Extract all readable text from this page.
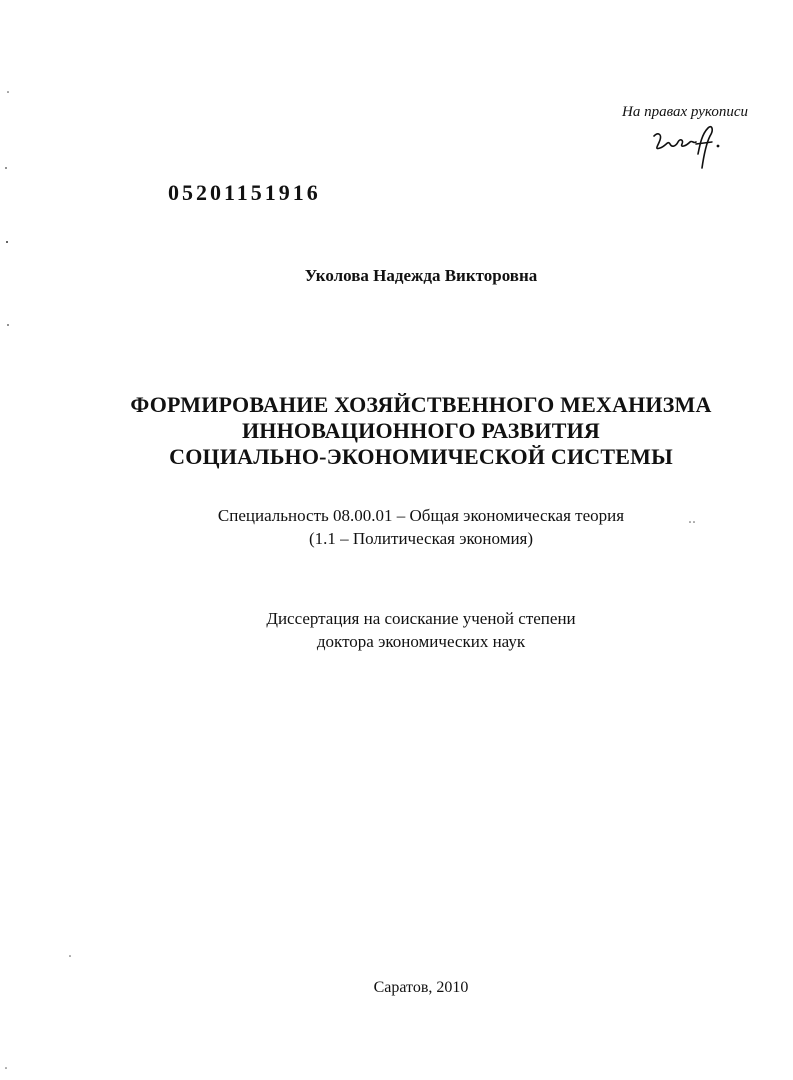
На правах рукописи
05201151916
Уколова Надежда Викторовна
ФОРМИРОВАНИЕ ХОЗЯЙСТВЕННОГО МЕХАНИЗМА
ИННОВАЦИОННОГО РАЗВИТИЯ
СОЦИАЛЬНО-ЭКОНОМИЧЕСКОЙ СИСТЕМЫ
Специальность 08.00.01 – Общая экономическая теория
(1.1 – Политическая экономия)
Диссертация на соискание ученой степени
доктора экономических наук
Саратов, 2010
